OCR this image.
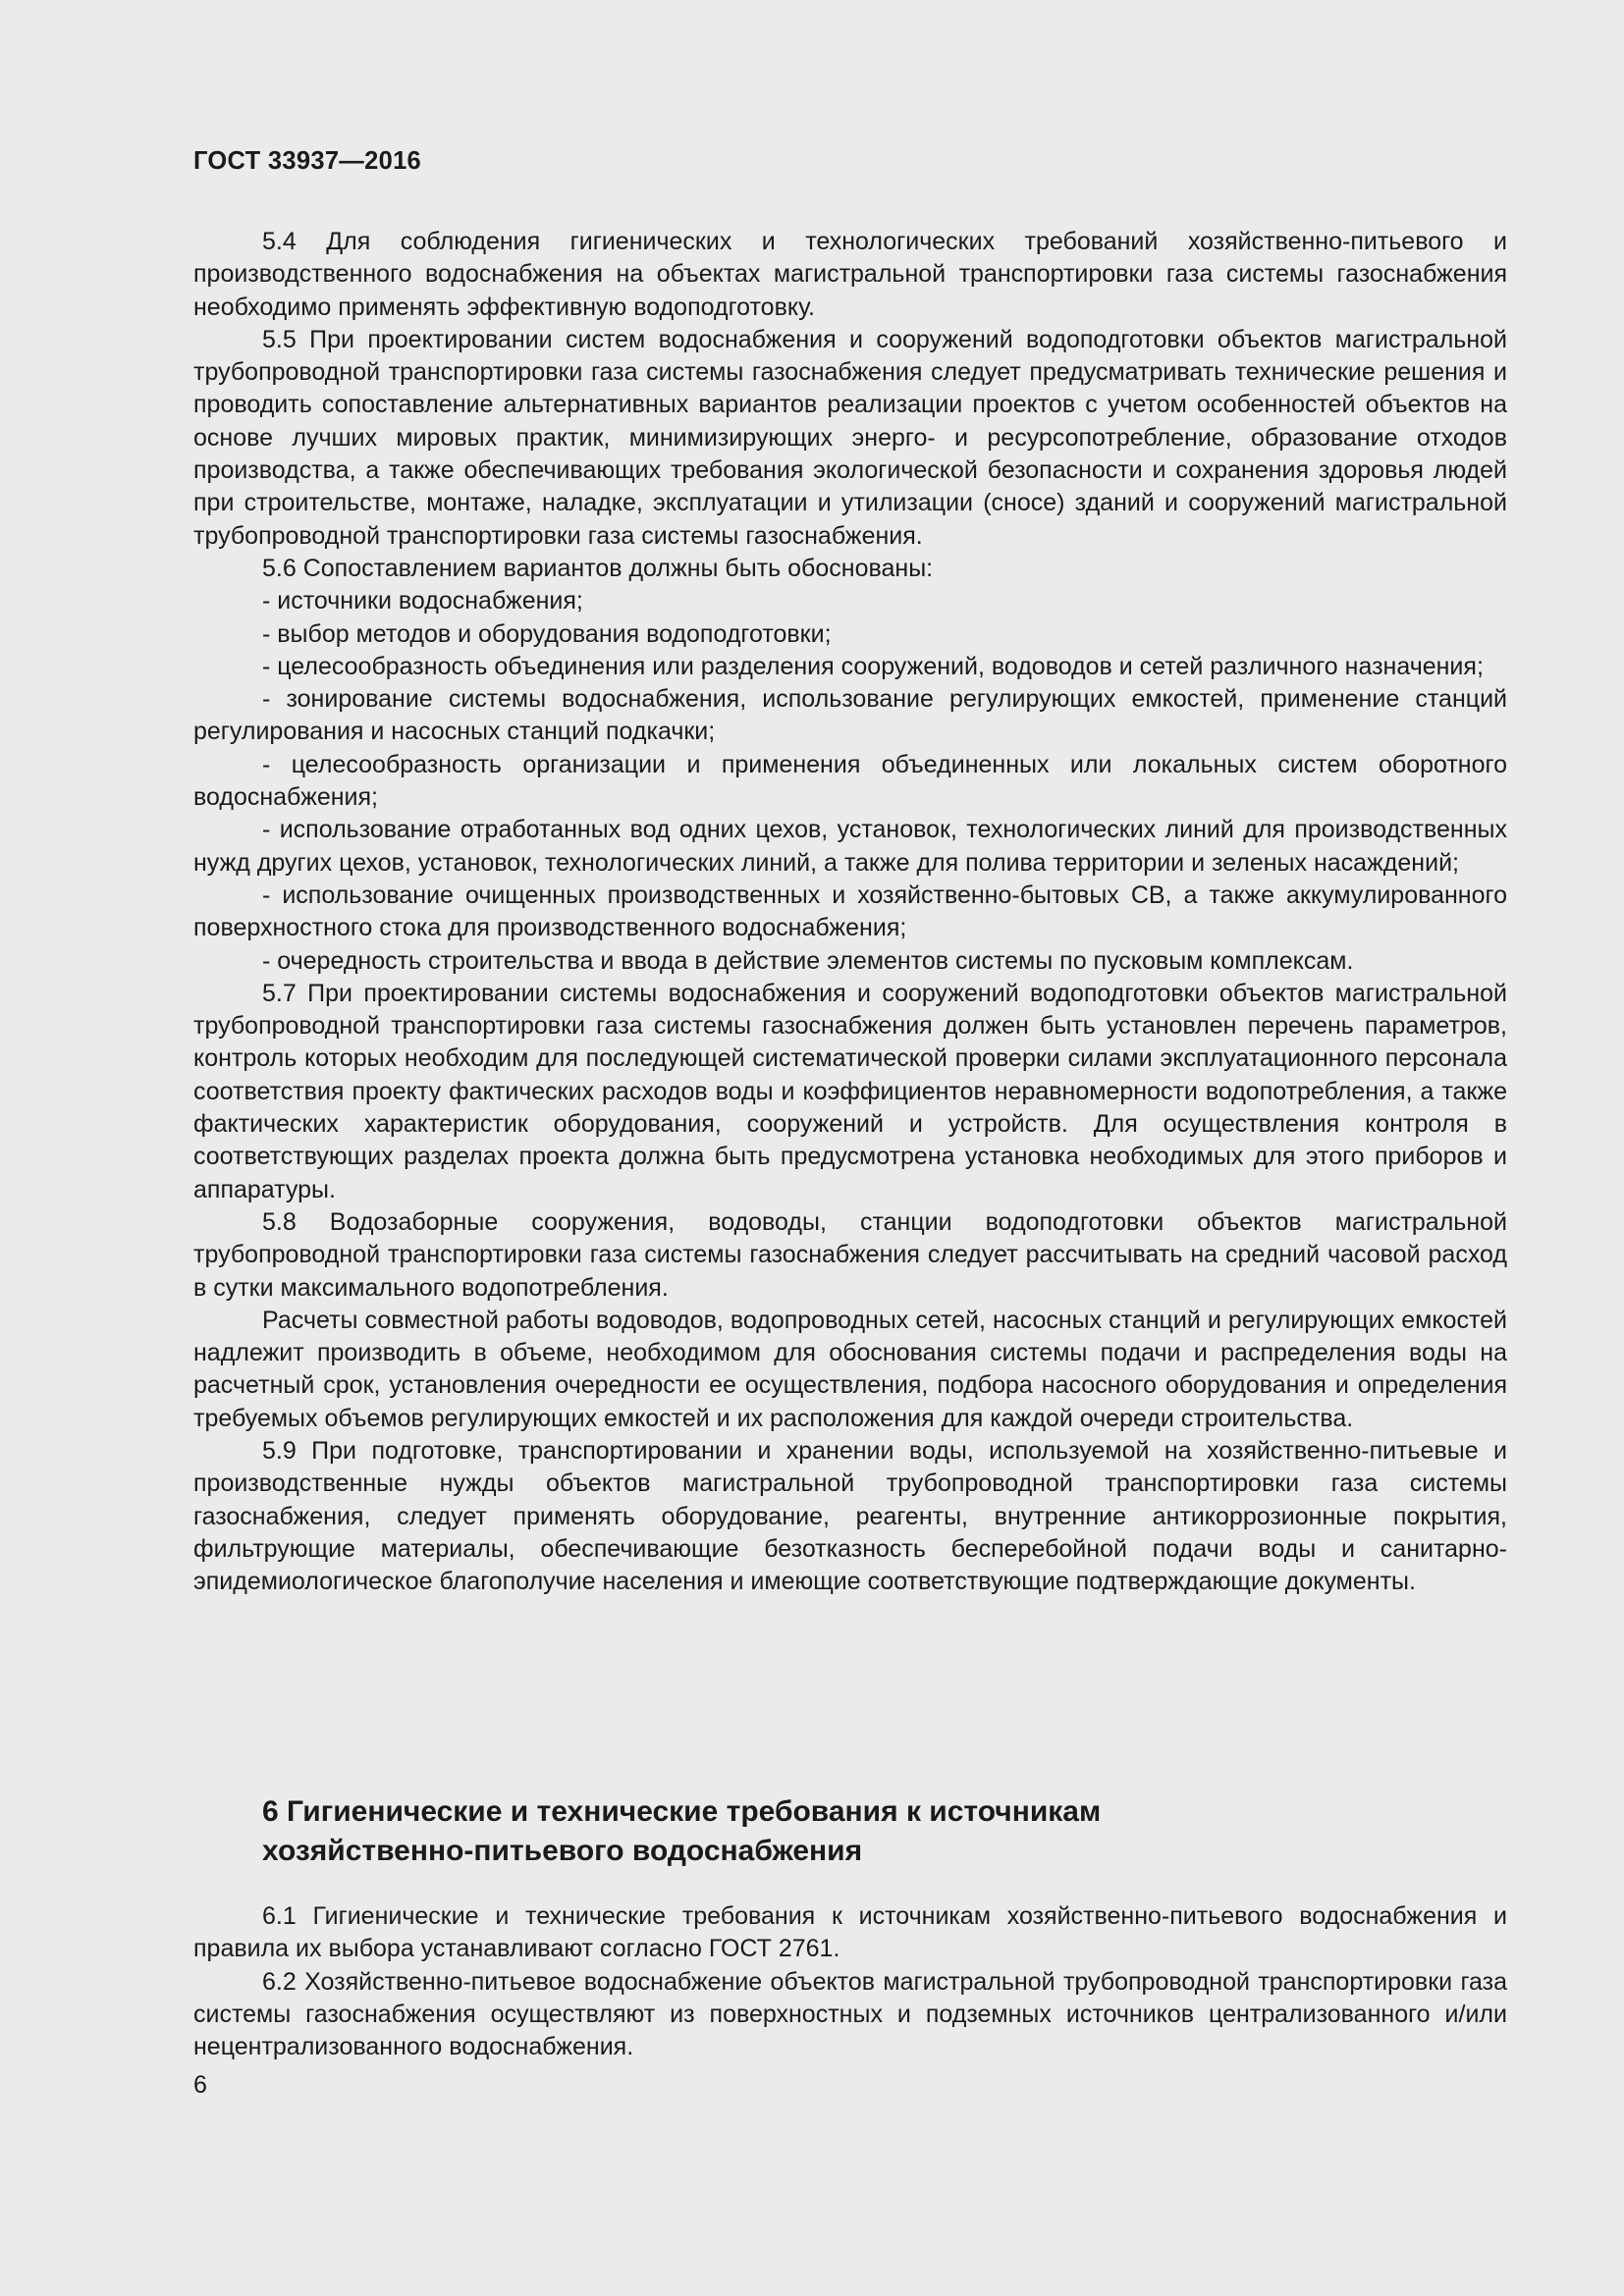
ГОСТ 33937—2016

5.4 Для соблюдения гигиенических и технологических требований хозяйственно-питьевого и производственного водоснабжения на объектах магистральной транспортировки газа системы газоснабжения необходимо применять эффективную водоподготовку.

5.5 При проектировании систем водоснабжения и сооружений водоподготовки объектов магистральной трубопроводной транспортировки газа системы газоснабжения следует предусматривать технические решения и проводить сопоставление альтернативных вариантов реализации проектов с учетом особенностей объектов на основе лучших мировых практик, минимизирующих энерго- и ресурсопотребление, образование отходов производства, а также обеспечивающих требования экологической безопасности и сохранения здоровья людей при строительстве, монтаже, наладке, эксплуатации и утилизации (сносе) зданий и сооружений магистральной трубопроводной транспортировки газа системы газоснабжения.

5.6 Сопоставлением вариантов должны быть обоснованы:

- источники водоснабжения;

- выбор методов и оборудования водоподготовки;

- целесообразность объединения или разделения сооружений, водоводов и сетей различного назначения;

- зонирование системы водоснабжения, использование регулирующих емкостей, применение станций регулирования и насосных станций подкачки;

- целесообразность организации и применения объединенных или локальных систем оборотного водоснабжения;

- использование отработанных вод одних цехов, установок, технологических линий для производственных нужд других цехов, установок, технологических линий, а также для полива территории и зеленых насаждений;

- использование очищенных производственных и хозяйственно-бытовых СВ, а также аккумулированного поверхностного стока для производственного водоснабжения;

- очередность строительства и ввода в действие элементов системы по пусковым комплексам.

5.7 При проектировании системы водоснабжения и сооружений водоподготовки объектов магистральной трубопроводной транспортировки газа системы газоснабжения должен быть установлен перечень параметров, контроль которых необходим для последующей систематической проверки силами эксплуатационного персонала соответствия проекту фактических расходов воды и коэффициентов неравномерности водопотребления, а также фактических характеристик оборудования, сооружений и устройств. Для осуществления контроля в соответствующих разделах проекта должна быть предусмотрена установка необходимых для этого приборов и аппаратуры.

5.8 Водозаборные сооружения, водоводы, станции водоподготовки объектов магистральной трубопроводной транспортировки газа системы газоснабжения следует рассчитывать на средний часовой расход в сутки максимального водопотребления.

Расчеты совместной работы водоводов, водопроводных сетей, насосных станций и регулирующих емкостей надлежит производить в объеме, необходимом для обоснования системы подачи и распределения воды на расчетный срок, установления очередности ее осуществления, подбора насосного оборудования и определения требуемых объемов регулирующих емкостей и их расположения для каждой очереди строительства.

5.9 При подготовке, транспортировании и хранении воды, используемой на хозяйственно-питьевые и производственные нужды объектов магистральной трубопроводной транспортировки газа системы газоснабжения, следует применять оборудование, реагенты, внутренние антикоррозионные покрытия, фильтрующие материалы, обеспечивающие безотказность бесперебойной подачи воды и санитарно-эпидемиологическое благополучие населения и имеющие соответствующие подтверждающие документы.

6 Гигиенические и технические требования к источникам
хозяйственно-питьевого водоснабжения

6.1 Гигиенические и технические требования к источникам хозяйственно-питьевого водоснабжения и правила их выбора устанавливают согласно ГОСТ 2761.

6.2 Хозяйственно-питьевое водоснабжение объектов магистральной трубопроводной транспортировки газа системы газоснабжения осуществляют из поверхностных и подземных источников централизованного и/или нецентрализованного водоснабжения.

6
